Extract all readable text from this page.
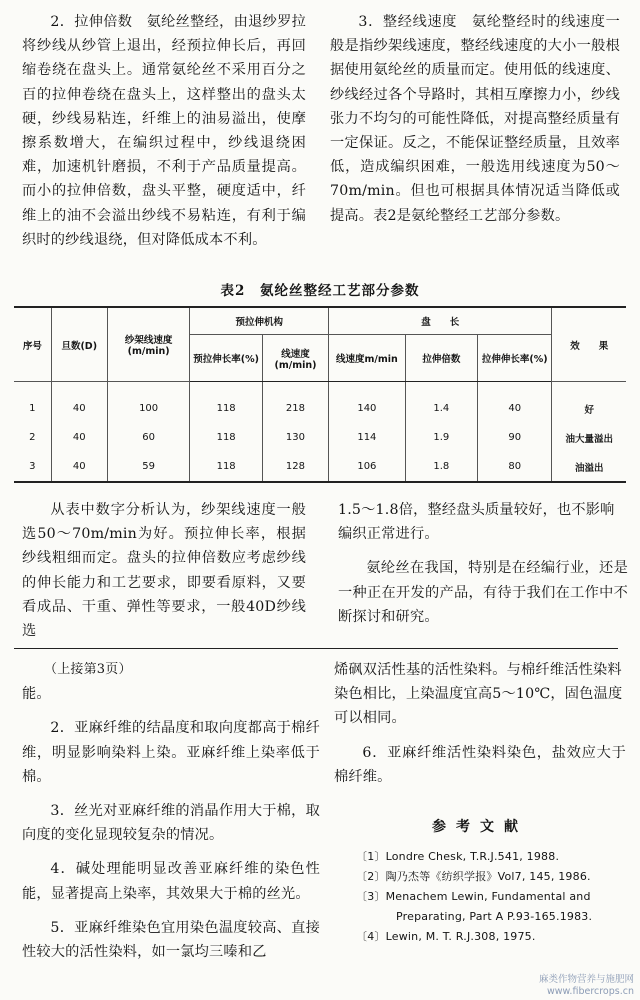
2．拉伸倍数　氨纶丝整经，由退纱罗拉将纱线从纱管上退出，经预拉伸长后，再回缩卷绕在盘头上。通常氨纶丝不采用百分之百的拉伸卷绕在盘头上，这样整出的盘头太硬，纱线易粘连，纤维上的油易溢出，使摩擦系数增大，在编织过程中，纱线退绕困难，加速机针磨损，不利于产品质量提高。而小的拉伸倍数，盘头平整，硬度适中，纤维上的油不会溢出纱线不易粘连，有利于编织时的纱线退绕，但对降低成本不利。

3．整经线速度　氨纶整经时的线速度一般是指纱架线速度，整经线速度的大小一般根据使用氨纶丝的质量而定。使用低的线速度、纱线经过各个导路时，其相互摩擦力小，纱线张力不均匀的可能性降低，对提高整经质量有一定保证。反之，不能保证整经质量，且效率低，造成编织困难，一般选用线速度为50～70m/min。但也可根据具体情况适当降低或提高。表2是氨纶整经工艺部分参数。

表2　氨纶丝整经工艺部分参数
序号	旦数(D)	纱架线速度(m/min)	预拉伸机构		盘　　长			效　　果
			预拉伸长率(%)	线速度(m/min)	线速度m/min	拉伸倍数	拉伸伸长率(%)	
1	40	100	118	218	140	1.4	40	好
2	40	60	118	130	114	1.9	90	油大量溢出
3	40	59	118	128	106	1.8	80	油溢出

从表中数字分析认为，纱架线速度一般选50～70m/min为好。预拉伸长率，根据纱线粗细而定。盘头的拉伸倍数应考虑纱线的伸长能力和工艺要求，即要看原料，又要看成品、干重、弹性等要求，一般40D纱线选

1.5～1.8倍，整经盘头质量较好，也不影响编织正常进行。

氨纶丝在我国，特别是在经编行业，还是一种正在开发的产品，有待于我们在工作中不断探讨和研究。

（上接第3页）

能。

2．亚麻纤维的结晶度和取向度都高于棉纤维，明显影响染料上染。亚麻纤维上染率低于棉。

3．丝光对亚麻纤维的消晶作用大于棉，取向度的变化显现较复杂的情况。

4．碱处理能明显改善亚麻纤维的染色性能，显著提高上染率，其效果大于棉的丝光。

5．亚麻纤维染色宜用染色温度较高、直接性较大的活性染料，如一氯均三嗪和乙

烯砜双活性基的活性染料。与棉纤维活性染料染色相比，上染温度宜高5～10℃，固色温度可以相同。

6．亚麻纤维活性染料染色，盐效应大于棉纤维。

参考文献

〔1〕Londre Chesk, T.R.J.541, 1988.

〔2〕陶乃杰等《纺织学报》Vol7, 145, 1986.

〔3〕Menachem Lewin, Fundamental and

Preparating, Part A P.93-165.1983.

〔4〕Lewin, M. T. R.J.308, 1975.

麻类作物营养与施肥网
www.fibercrops.cn
